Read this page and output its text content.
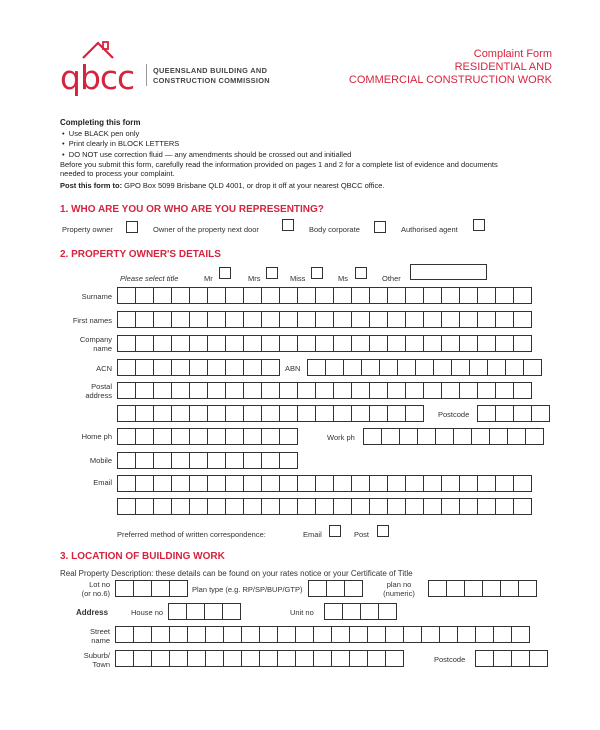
qbcc	QUEENSLAND BUILDING AND
CONSTRUCTION COMMISSION
Complaint Form
RESIDENTIAL AND
COMMERCIAL CONSTRUCTION WORK
Completing this form
•  Use BLACK pen only
•  Print clearly in BLOCK LETTERS
•  DO NOT use correction fluid — any amendments should be crossed out and initialled
Before you submit this form, carefully read the information provided on pages 1 and 2 for a complete list of evidence and documents
needed to process your complaint.
Post this form to: GPO Box 5099 Brisbane QLD 4001, or drop it off at your nearest QBCC office.
1. WHO ARE YOU OR WHO ARE YOU REPRESENTING?
Property owner	Owner of the property next door	Body corporate	Authorised agent
2. PROPERTY OWNER'S DETAILS
Please select title	Mr	Mrs	Miss	Ms	Other
Surname
First names
Company
name
ACN	ABN
Postal
address
Postcode
Home ph	Work ph
Mobile
Email
Preferred method of written correspondence:	Email	Post
3. LOCATION OF BUILDING WORK
Real Property Description: these details can be found on your rates notice or your Certificate of Title
Lot no
(or no.6)	Plan type (e.g. RP/SP/BUP/GTP)
plan no
(numeric)
Address	House no	Unit no
Street
name
Suburb/
Town
Postcode
